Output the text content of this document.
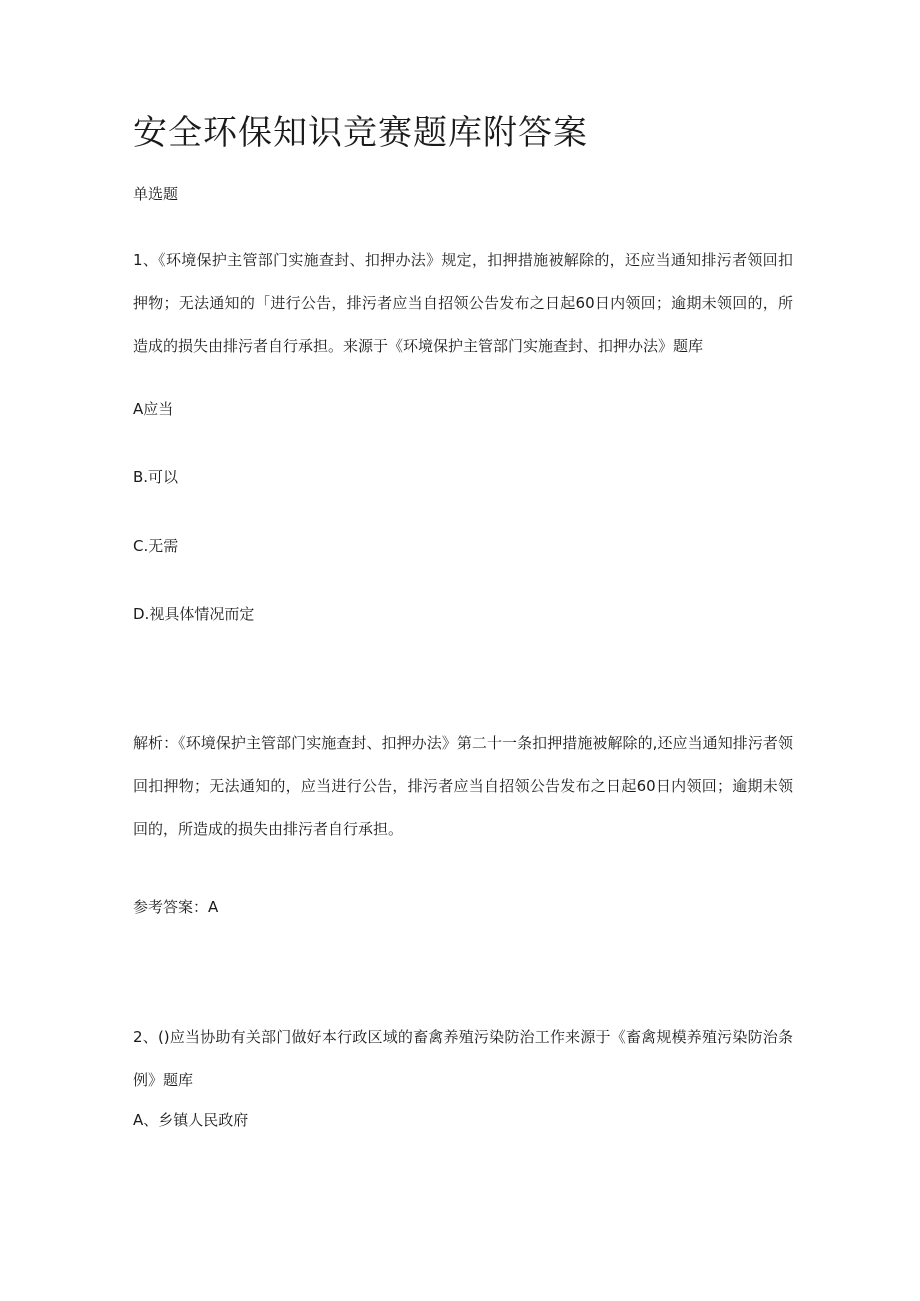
安全环保知识竞赛题库附答案
单选题
1、《环境保护主管部门实施查封、扣押办法》规定，扣押措施被解除的，还应当通知排污者领回扣押物；无法通知的「进行公告，排污者应当自招领公告发布之日起60日内领回；逾期未领回的，所造成的损失由排污者自行承担。来源于《环境保护主管部门实施查封、扣押办法》题库
A应当
B.可以
C.无需
D.视具体情况而定
解析：《环境保护主管部门实施查封、扣押办法》第二十一条扣押措施被解除的,还应当通知排污者领回扣押物；无法通知的，应当进行公告，排污者应当自招领公告发布之日起60日内领回；逾期未领回的，所造成的损失由排污者自行承担。
参考答案：A
2、()应当协助有关部门做好本行政区域的畜禽养殖污染防治工作来源于《畜禽规模养殖污染防治条例》题库
A、乡镇人民政府
